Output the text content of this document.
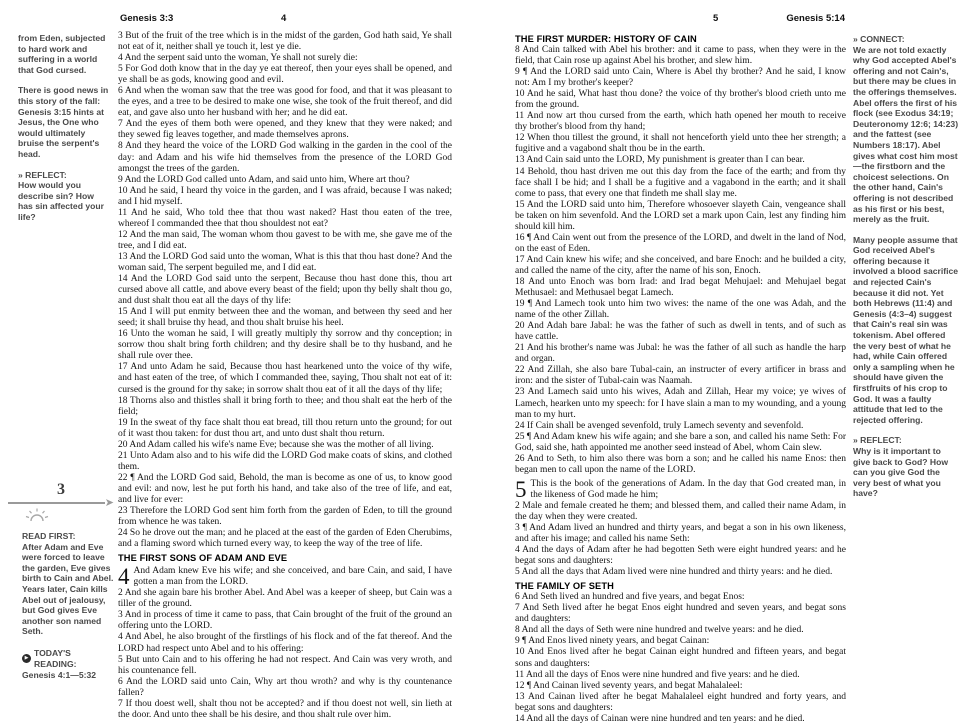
Genesis 3:3	4	5	Genesis 5:14

from Eden, subjected to hard work and suffering in a world that God cursed.

There is good news in this story of the fall: Genesis 3:15 hints at Jesus, the One who would ultimately bruise the serpent's head.

» REFLECT:

How would you describe sin? How has sin affected your life?

3 But of the fruit of the tree which is in the midst of the garden, God hath said, Ye shall not eat of it, neither shall ye touch it, lest ye die.

4 And the serpent said unto the woman, Ye shall not surely die:

5 For God doth know that in the day ye eat thereof, then your eyes shall be opened, and ye shall be as gods, knowing good and evil.

6 And when the woman saw that the tree was good for food, and that it was pleasant to the eyes, and a tree to be desired to make one wise, she took of the fruit thereof, and did eat, and gave also unto her husband with her; and he did eat.

7 And the eyes of them both were opened, and they knew that they were naked; and they sewed fig leaves together, and made themselves aprons.

8 And they heard the voice of the LORD God walking in the garden in the cool of the day: and Adam and his wife hid themselves from the presence of the LORD God amongst the trees of the garden.

9 And the LORD God called unto Adam, and said unto him, Where art thou?

10 And he said, I heard thy voice in the garden, and I was afraid, because I was naked; and I hid myself.

11 And he said, Who told thee that thou wast naked? Hast thou eaten of the tree, whereof I commanded thee that thou shouldest not eat?

12 And the man said, The woman whom thou gavest to be with me, she gave me of the tree, and I did eat.

13 And the LORD God said unto the woman, What is this that thou hast done? And the woman said, The serpent beguiled me, and I did eat.

14 And the LORD God said unto the serpent, Because thou hast done this, thou art cursed above all cattle, and above every beast of the field; upon thy belly shalt thou go, and dust shalt thou eat all the days of thy life:

15 And I will put enmity between thee and the woman, and between thy seed and her seed; it shall bruise thy head, and thou shalt bruise his heel.

16 Unto the woman he said, I will greatly multiply thy sorrow and thy conception; in sorrow thou shalt bring forth children; and thy desire shall be to thy husband, and he shall rule over thee.

17 And unto Adam he said, Because thou hast hearkened unto the voice of thy wife, and hast eaten of the tree, of which I commanded thee, saying, Thou shalt not eat of it: cursed is the ground for thy sake; in sorrow shalt thou eat of it all the days of thy life;

18 Thorns also and thistles shall it bring forth to thee; and thou shalt eat the herb of the field;

19 In the sweat of thy face shalt thou eat bread, till thou return unto the ground; for out of it wast thou taken: for dust thou art, and unto dust shalt thou return.

20 And Adam called his wife's name Eve; because she was the mother of all living.

21 Unto Adam also and to his wife did the LORD God make coats of skins, and clothed them.

22 ¶ And the LORD God said, Behold, the man is become as one of us, to know good and evil: and now, lest he put forth his hand, and take also of the tree of life, and eat, and live for ever:

23 Therefore the LORD God sent him forth from the garden of Eden, to till the ground from whence he was taken.

24 So he drove out the man; and he placed at the east of the garden of Eden Cherubims, and a flaming sword which turned every way, to keep the way of the tree of life.

THE FIRST SONS OF ADAM AND EVE

4 And Adam knew Eve his wife; and she conceived, and bare Cain, and said, I have gotten a man from the LORD.

2 And she again bare his brother Abel. And Abel was a keeper of sheep, but Cain was a tiller of the ground.

3 And in process of time it came to pass, that Cain brought of the fruit of the ground an offering unto the LORD.

4 And Abel, he also brought of the firstlings of his flock and of the fat thereof. And the LORD had respect unto Abel and to his offering:

5 But unto Cain and to his offering he had not respect. And Cain was very wroth, and his countenance fell.

6 And the LORD said unto Cain, Why art thou wroth? and why is thy countenance fallen?

7 If thou doest well, shalt thou not be accepted? and if thou doest not well, sin lieth at the door. And unto thee shall be his desire, and thou shalt rule over him.

THE FIRST MURDER: HISTORY OF CAIN

8 And Cain talked with Abel his brother: and it came to pass, when they were in the field, that Cain rose up against Abel his brother, and slew him.

9 ¶ And the LORD said unto Cain, Where is Abel thy brother? And he said, I know not: Am I my brother's keeper?

10 And he said, What hast thou done? the voice of thy brother's blood crieth unto me from the ground.

11 And now art thou cursed from the earth, which hath opened her mouth to receive thy brother's blood from thy hand;

12 When thou tillest the ground, it shall not henceforth yield unto thee her strength; a fugitive and a vagabond shalt thou be in the earth.

13 And Cain said unto the LORD, My punishment is greater than I can bear.

14 Behold, thou hast driven me out this day from the face of the earth; and from thy face shall I be hid; and I shall be a fugitive and a vagabond in the earth; and it shall come to pass, that every one that findeth me shall slay me.

15 And the LORD said unto him, Therefore whosoever slayeth Cain, vengeance shall be taken on him sevenfold. And the LORD set a mark upon Cain, lest any finding him should kill him.

16 ¶ And Cain went out from the presence of the LORD, and dwelt in the land of Nod, on the east of Eden.

17 And Cain knew his wife; and she conceived, and bare Enoch: and he builded a city, and called the name of the city, after the name of his son, Enoch.

18 And unto Enoch was born Irad: and Irad begat Mehujael: and Mehujael begat Methusael: and Methusael begat Lamech.

19 ¶ And Lamech took unto him two wives: the name of the one was Adah, and the name of the other Zillah.

20 And Adah bare Jabal: he was the father of such as dwell in tents, and of such as have cattle.

21 And his brother's name was Jubal: he was the father of all such as handle the harp and organ.

22 And Zillah, she also bare Tubal-cain, an instructer of every artificer in brass and iron: and the sister of Tubal-cain was Naamah.

23 And Lamech said unto his wives, Adah and Zillah, Hear my voice; ye wives of Lamech, hearken unto my speech: for I have slain a man to my wounding, and a young man to my hurt.

24 If Cain shall be avenged sevenfold, truly Lamech seventy and sevenfold.

25 ¶ And Adam knew his wife again; and she bare a son, and called his name Seth: For God, said she, hath appointed me another seed instead of Abel, whom Cain slew.

26 And to Seth, to him also there was born a son; and he called his name Enos: then began men to call upon the name of the LORD.

5 This is the book of the generations of Adam. In the day that God created man, in the likeness of God made he him;

2 Male and female created he them; and blessed them, and called their name Adam, in the day when they were created.

3 ¶ And Adam lived an hundred and thirty years, and begat a son in his own likeness, and after his image; and called his name Seth:

4 And the days of Adam after he had begotten Seth were eight hundred years: and he begat sons and daughters:

5 And all the days that Adam lived were nine hundred and thirty years: and he died.

THE FAMILY OF SETH

6 And Seth lived an hundred and five years, and begat Enos:

7 And Seth lived after he begat Enos eight hundred and seven years, and begat sons and daughters:

8 And all the days of Seth were nine hundred and twelve years: and he died.

9 ¶ And Enos lived ninety years, and begat Cainan:

10 And Enos lived after he begat Cainan eight hundred and fifteen years, and begat sons and daughters:

11 And all the days of Enos were nine hundred and five years: and he died.

12 ¶ And Cainan lived seventy years, and begat Mahalaleel:

13 And Cainan lived after he begat Mahalaleel eight hundred and forty years, and begat sons and daughters:

14 And all the days of Cainan were nine hundred and ten years: and he died.

» CONNECT:

We are not told exactly why God accepted Abel's offering and not Cain's, but there may be clues in the offerings themselves. Abel offers the first of his flock (see Exodus 34:19; Deuteronomy 12:6; 14:23) and the fattest (see Numbers 18:17). Abel gives what cost him most—the firstborn and the choicest selections. On the other hand, Cain's offering is not described as his first or his best, merely as the fruit.

Many people assume that God received Abel's offering because it involved a blood sacrifice and rejected Cain's because it did not. Yet both Hebrews (11:4) and Genesis (4:3–4) suggest that Cain's real sin was tokenism. Abel offered the very best of what he had, while Cain offered only a sampling when he should have given the firstfruits of his crop to God. It was a faulty attitude that led to the rejected offering.

» REFLECT:

Why is it important to give back to God? How can you give God the very best of what you have?

3
➤
READ FIRST:

After Adam and Eve were forced to leave the garden, Eve gives birth to Cain and Abel. Years later, Cain kills Abel out of jealousy, but God gives Eve another son named Seth.

▶ TODAY'S READING:
Genesis 4:1—5:32
